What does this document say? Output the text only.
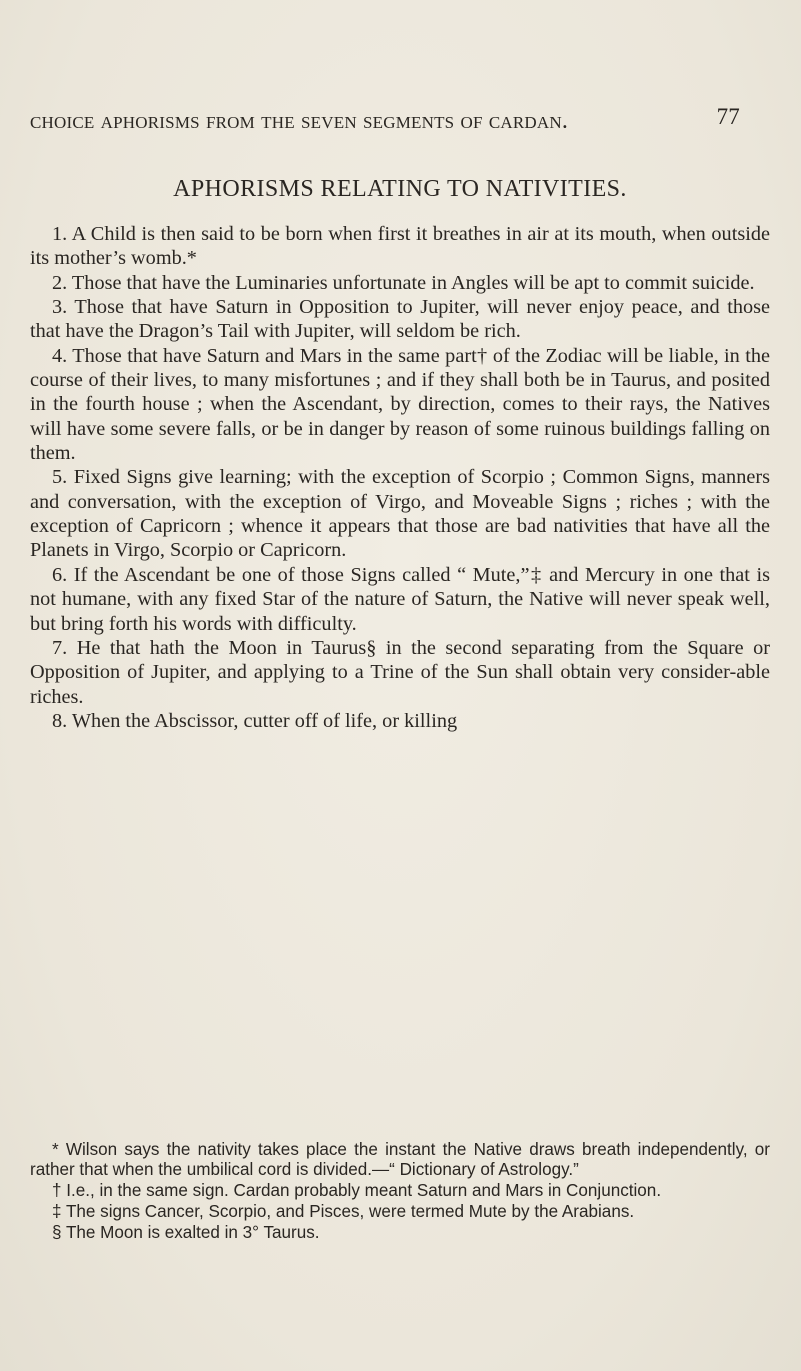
choice aphorisms from the seven segments of cardan.	77
APHORISMS RELATING TO NATIVITIES.

1. A Child is then said to be born when first it breathes in air at its mouth, when outside its mother’s womb.*

2. Those that have the Luminaries unfortunate in Angles will be apt to commit suicide.

3. Those that have Saturn in Opposition to Jupiter, will never enjoy peace, and those that have the Dragon’s Tail with Jupiter, will seldom be rich.

4. Those that have Saturn and Mars in the same part† of the Zodiac will be liable, in the course of their lives, to many misfortunes ; and if they shall both be in Taurus, and posited in the fourth house ; when the Ascendant, by direction, comes to their rays, the Natives will have some severe falls, or be in danger by reason of some ruinous buildings falling on them.

5. Fixed Signs give learning; with the exception of Scorpio ; Common Signs, manners and conversation, with the exception of Virgo, and Moveable Signs ; riches ; with the exception of Capricorn ; whence it appears that those are bad nativities that have all the Planets in Virgo, Scorpio or Capricorn.

6. If the Ascendant be one of those Signs called “ Mute,”‡ and Mercury in one that is not humane, with any fixed Star of the nature of Saturn, the Native will never speak well, but bring forth his words with difficulty.

7. He that hath the Moon in Taurus§ in the second separating from the Square or Opposition of Jupiter, and applying to a Trine of the Sun shall obtain very consider-able riches.

8. When the Abscissor, cutter off of life, or killing

* Wilson says the nativity takes place the instant the Native draws breath independently, or rather that when the umbilical cord is divided.—“ Dictionary of Astrology.”

† I.e., in the same sign. Cardan probably meant Saturn and Mars in Conjunction.

‡ The signs Cancer, Scorpio, and Pisces, were termed Mute by the Arabians.

§ The Moon is exalted in 3° Taurus.
